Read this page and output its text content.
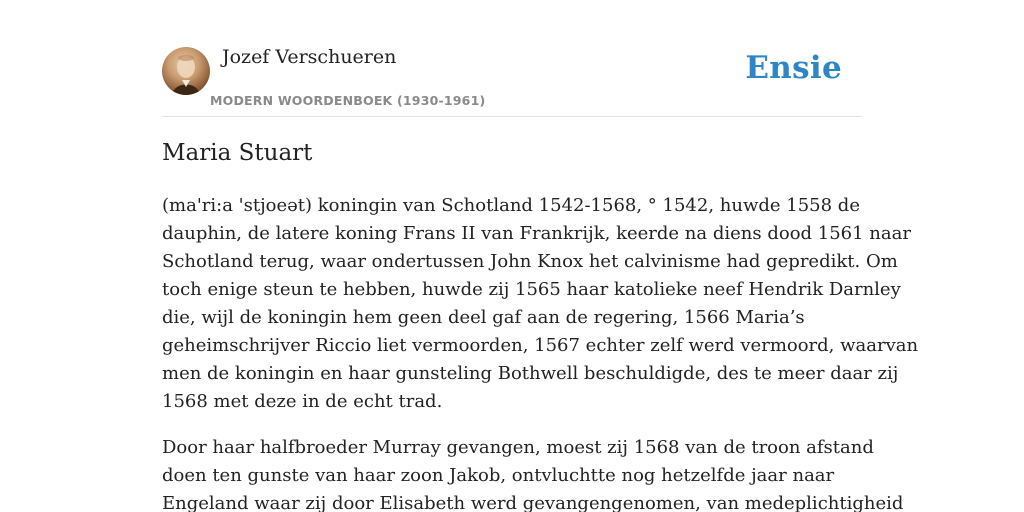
Jozef Verschueren
MODERN WOORDENBOEK (1930-1961)
Ensie
Maria Stuart

(ma'ri:a 'stjoeət) koningin van Schotland 1542-1568, ° 1542, huwde 1558 de
dauphin, de latere koning Frans II van Frankrijk, keerde na diens dood 1561 naar
Schotland terug, waar ondertussen John Knox het calvinisme had gepredikt. Om
toch enige steun te hebben, huwde zij 1565 haar katolieke neef Hendrik Darnley
die, wijl de koningin hem geen deel gaf aan de regering, 1566 Maria’s
geheimschrijver Riccio liet vermoorden, 1567 echter zelf werd vermoord, waarvan
men de koningin en haar gunsteling Bothwell beschuldigde, des te meer daar zij
1568 met deze in de echt trad.

Door haar halfbroeder Murray gevangen, moest zij 1568 van de troon afstand
doen ten gunste van haar zoon Jakob, ontvluchtte nog hetzelfde jaar naar
Engeland waar zij door Elisabeth werd gevangengenomen, van medeplichtigheid
